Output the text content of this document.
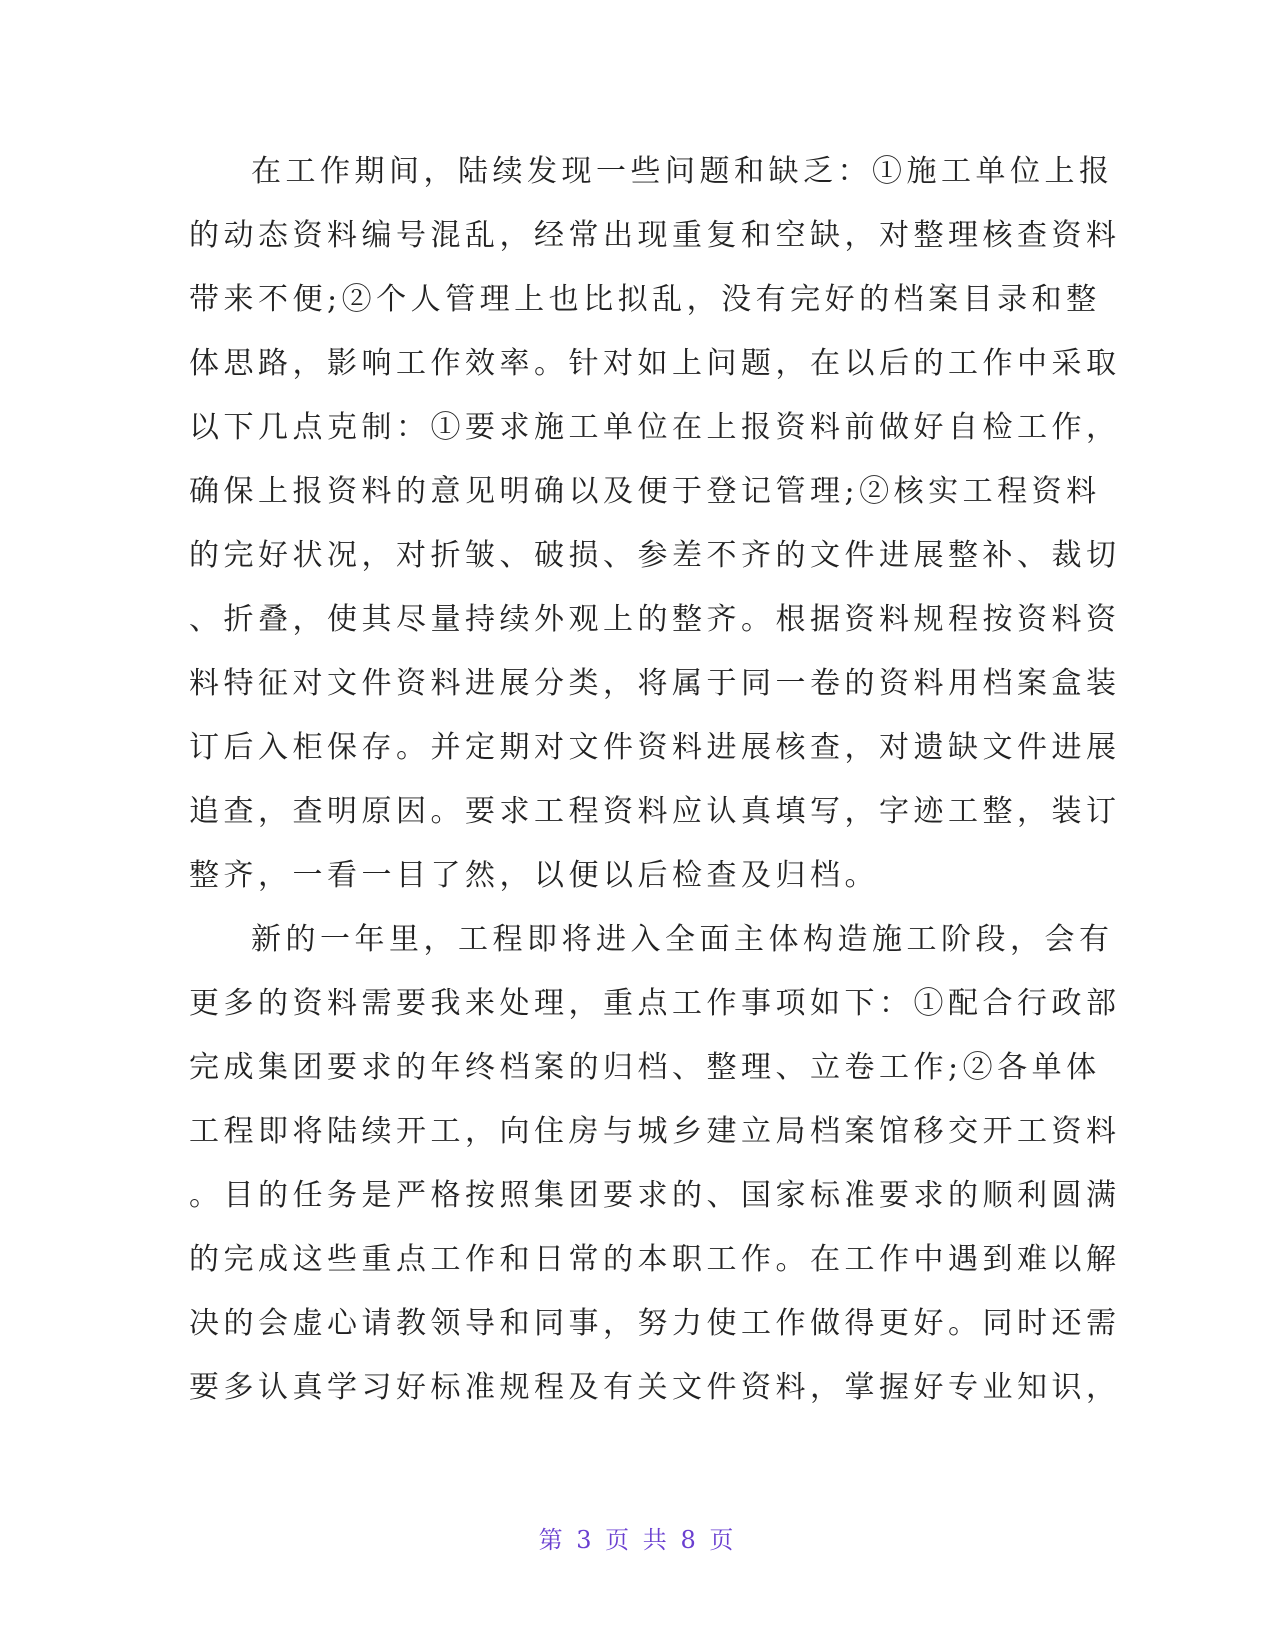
在工作期间，陆续发现一些问题和缺乏：①施工单位上报
的动态资料编号混乱，经常出现重复和空缺，对整理核查资料
带来不便;②个人管理上也比拟乱，没有完好的档案目录和整
体思路，影响工作效率。针对如上问题，在以后的工作中采取
以下几点克制：①要求施工单位在上报资料前做好自检工作，
确保上报资料的意见明确以及便于登记管理;②核实工程资料
的完好状况，对折皱、破损、参差不齐的文件进展整补、裁切
、折叠，使其尽量持续外观上的整齐。根据资料规程按资料资
料特征对文件资料进展分类，将属于同一卷的资料用档案盒装
订后入柜保存。并定期对文件资料进展核查，对遗缺文件进展
追查，查明原因。要求工程资料应认真填写，字迹工整，装订
整齐，一看一目了然，以便以后检查及归档。
新的一年里，工程即将进入全面主体构造施工阶段，会有
更多的资料需要我来处理，重点工作事项如下：①配合行政部
完成集团要求的年终档案的归档、整理、立卷工作;②各单体
工程即将陆续开工，向住房与城乡建立局档案馆移交开工资料
。目的任务是严格按照集团要求的、国家标准要求的顺利圆满
的完成这些重点工作和日常的本职工作。在工作中遇到难以解
决的会虚心请教领导和同事，努力使工作做得更好。同时还需
要多认真学习好标准规程及有关文件资料，掌握好专业知识，
第 3 页 共 8 页
